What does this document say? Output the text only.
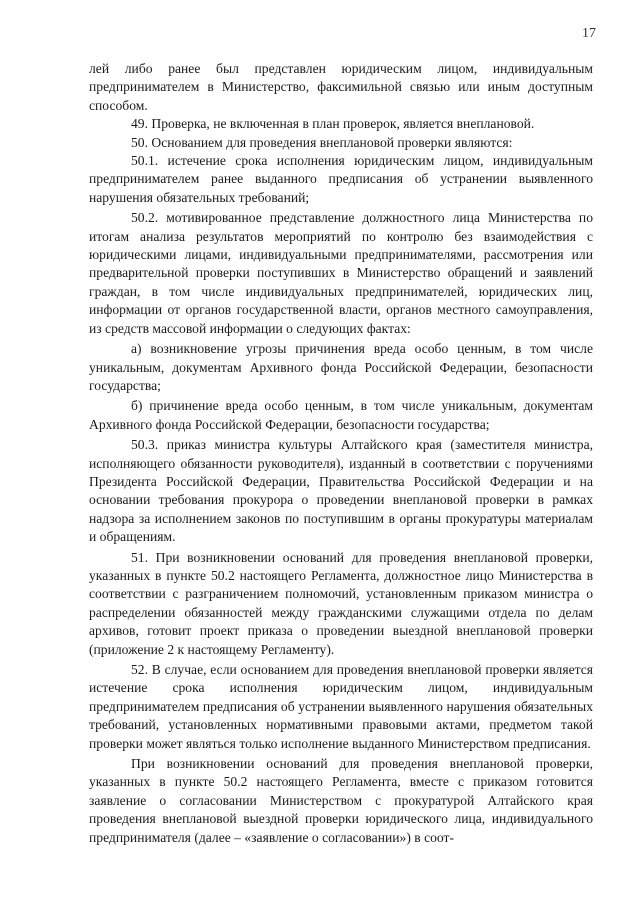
17

лей либо ранее был представлен юридическим лицом, индивидуальным предпринимателем в Министерство, факсимильной связью или иным доступным способом.

49. Проверка, не включенная в план проверок, является внеплановой.

50. Основанием для проведения внеплановой проверки являются:

50.1. истечение срока исполнения юридическим лицом, индивидуальным предпринимателем ранее выданного предписания об устранении выявленного нарушения обязательных требований;

50.2. мотивированное представление должностного лица Министерства по итогам анализа результатов мероприятий по контролю без взаимодействия с юридическими лицами, индивидуальными предпринимателями, рассмотрения или предварительной проверки поступивших в Министерство обращений и заявлений граждан, в том числе индивидуальных предпринимателей, юридических лиц, информации от органов государственной власти, органов местного самоуправления, из средств массовой информации о следующих фактах:

а) возникновение угрозы причинения вреда особо ценным, в том числе уникальным, документам Архивного фонда Российской Федерации, безопасности государства;

б) причинение вреда особо ценным, в том числе уникальным, документам Архивного фонда Российской Федерации, безопасности государства;

50.3. приказ министра культуры Алтайского края (заместителя министра, исполняющего обязанности руководителя), изданный в соответствии с поручениями Президента Российской Федерации, Правительства Российской Федерации и на основании требования прокурора о проведении внеплановой проверки в рамках надзора за исполнением законов по поступившим в органы прокуратуры материалам и обращениям.

51. При возникновении оснований для проведения внеплановой проверки, указанных в пункте 50.2 настоящего Регламента, должностное лицо Министерства в соответствии с разграничением полномочий, установленным приказом министра о распределении обязанностей между гражданскими служащими отдела по делам архивов, готовит проект приказа о проведении выездной внеплановой проверки (приложение 2 к настоящему Регламенту).

52. В случае, если основанием для проведения внеплановой проверки является истечение срока исполнения юридическим лицом, индивидуальным предпринимателем предписания об устранении выявленного нарушения обязательных требований, установленных нормативными правовыми актами, предметом такой проверки может являться только исполнение выданного Министерством предписания.

При возникновении оснований для проведения внеплановой проверки, указанных в пункте 50.2 настоящего Регламента, вместе с приказом готовится заявление о согласовании Министерством с прокуратурой Алтайского края проведения внеплановой выездной проверки юридического лица, индивидуального предпринимателя (далее – «заявление о согласовании») в соот-
